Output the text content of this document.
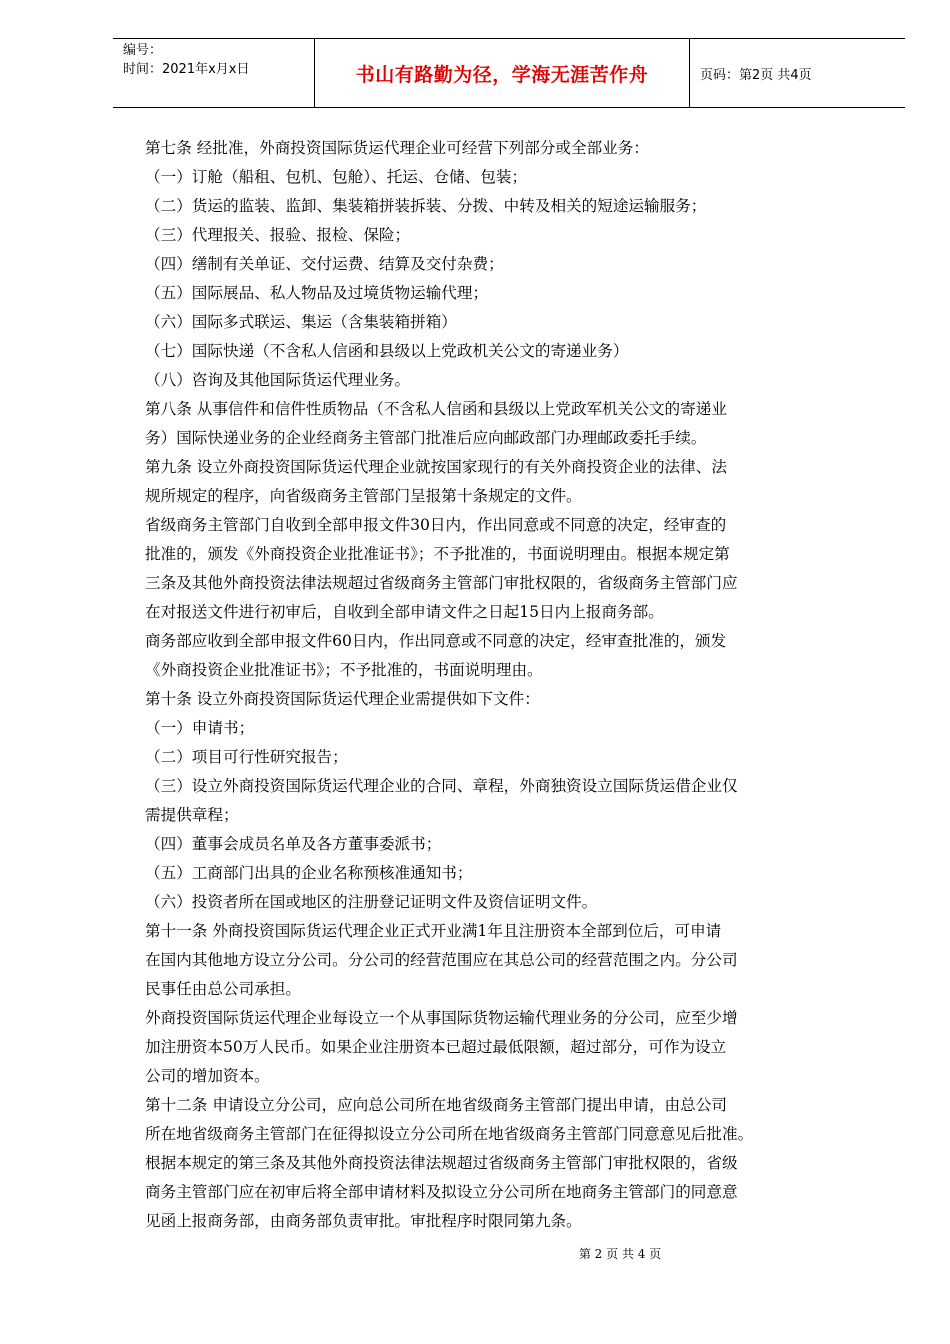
编号：
时间：2021年x月x日	书山有路勤为径，学海无涯苦作舟	页码：第2页 共4页

第七条 经批准，外商投资国际货运代理企业可经营下列部分或全部业务：

（一）订舱（船租、包机、包舱）、托运、仓储、包装；

（二）货运的监装、监卸、集装箱拼装拆装、分拨、中转及相关的短途运输服务；

（三）代理报关、报验、报检、保险；

（四）缮制有关单证、交付运费、结算及交付杂费；

（五）国际展品、私人物品及过境货物运输代理；

（六）国际多式联运、集运（含集装箱拼箱）

（七）国际快递（不含私人信函和县级以上党政机关公文的寄递业务）

（八）咨询及其他国际货运代理业务。

第八条 从事信件和信件性质物品（不含私人信函和县级以上党政军机关公文的寄递业

务）国际快递业务的企业经商务主管部门批准后应向邮政部门办理邮政委托手续。

第九条 设立外商投资国际货运代理企业就按国家现行的有关外商投资企业的法律、法

规所规定的程序，向省级商务主管部门呈报第十条规定的文件。

省级商务主管部门自收到全部申报文件30日内，作出同意或不同意的决定，经审查的

批准的，颁发《外商投资企业批准证书》；不予批准的，书面说明理由。根据本规定第

三条及其他外商投资法律法规超过省级商务主管部门审批权限的，省级商务主管部门应

在对报送文件进行初审后，自收到全部申请文件之日起15日内上报商务部。

商务部应收到全部申报文件60日内，作出同意或不同意的决定，经审查批准的，颁发

《外商投资企业批准证书》；不予批准的，书面说明理由。

第十条 设立外商投资国际货运代理企业需提供如下文件：

（一）申请书；

（二）项目可行性研究报告；

（三）设立外商投资国际货运代理企业的合同、章程，外商独资设立国际货运借企业仅

需提供章程；

（四）董事会成员名单及各方董事委派书；

（五）工商部门出具的企业名称预核准通知书；

（六）投资者所在国或地区的注册登记证明文件及资信证明文件。

第十一条 外商投资国际货运代理企业正式开业满1年且注册资本全部到位后，可申请

在国内其他地方设立分公司。分公司的经营范围应在其总公司的经营范围之内。分公司

民事任由总公司承担。

外商投资国际货运代理企业每设立一个从事国际货物运输代理业务的分公司，应至少增

加注册资本50万人民币。如果企业注册资本已超过最低限额，超过部分，可作为设立

公司的增加资本。

第十二条 申请设立分公司，应向总公司所在地省级商务主管部门提出申请，由总公司

所在地省级商务主管部门在征得拟设立分公司所在地省级商务主管部门同意意见后批准。

根据本规定的第三条及其他外商投资法律法规超过省级商务主管部门审批权限的，省级

商务主管部门应在初审后将全部申请材料及拟设立分公司所在地商务主管部门的同意意

见函上报商务部，由商务部负责审批。审批程序时限同第九条。

第 2 页 共 4 页
